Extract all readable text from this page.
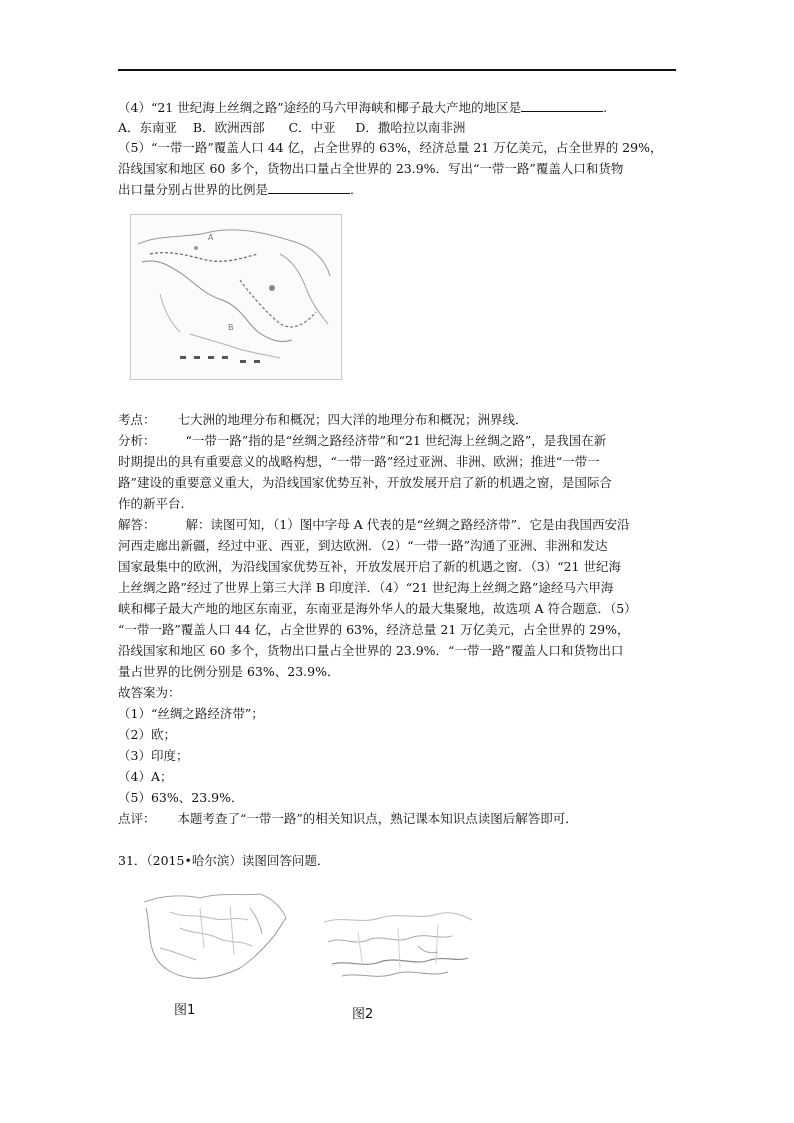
（4）“21 世纪海上丝绸之路”途经的马六甲海峡和椰子最大产地的地区是	.
A．东南亚    B．欧洲西部      C．中亚     D．撒哈拉以南非洲
（5）“一带一路”覆盖人口 44 亿，占全世界的 63%，经济总量 21 万亿美元，占全世界的 29%，
沿线国家和地区 60 多个，货物出口量占全世界的 23.9%．写出“一带一路”覆盖人口和货物
出口量分别占世界的比例是	.
B
A
考点： 七大洲的地理分布和概况；四大洋的地理分布和概况；洲界线．
分析： “一带一路”指的是“丝绸之路经济带”和“21 世纪海上丝绸之路”，是我国在新
时期提出的具有重要意义的战略构想，“一带一路”经过亚洲、非洲、欧洲；推进“一带一
路”建设的重要意义重大，为沿线国家优势互补，开放发展开启了新的机遇之窗，是国际合
作的新平台．
解答： 解：读图可知，（1）图中字母 A 代表的是“丝绸之路经济带”．它是由我国西安沿
河西走廊出新疆，经过中亚、西亚，到达欧洲．（2）“一带一路”沟通了亚洲、非洲和发达
国家最集中的欧洲，为沿线国家优势互补，开放发展开启了新的机遇之窗．（3）“21 世纪海
上丝绸之路”经过了世界上第三大洋 B 印度洋．（4）“21 世纪海上丝绸之路”途经马六甲海
峡和椰子最大产地的地区东南亚，东南亚是海外华人的最大集聚地，故选项 A 符合题意．（5）
“一带一路”覆盖人口 44 亿，占全世界的 63%，经济总量 21 万亿美元，占全世界的 29%，
沿线国家和地区 60 多个，货物出口量占全世界的 23.9%．“一带一路”覆盖人口和货物出口
量占世界的比例分别是 63%、23.9%．
故答案为：
（1）“丝绸之路经济带”；
（2）欧；
（3）印度；
（4）A；
（5）63%、23.9%．
点评： 本题考查了“一带一路”的相关知识点，熟记课本知识点读图后解答即可．
31．（2015•哈尔滨）读图回答问题．
图1	图2
